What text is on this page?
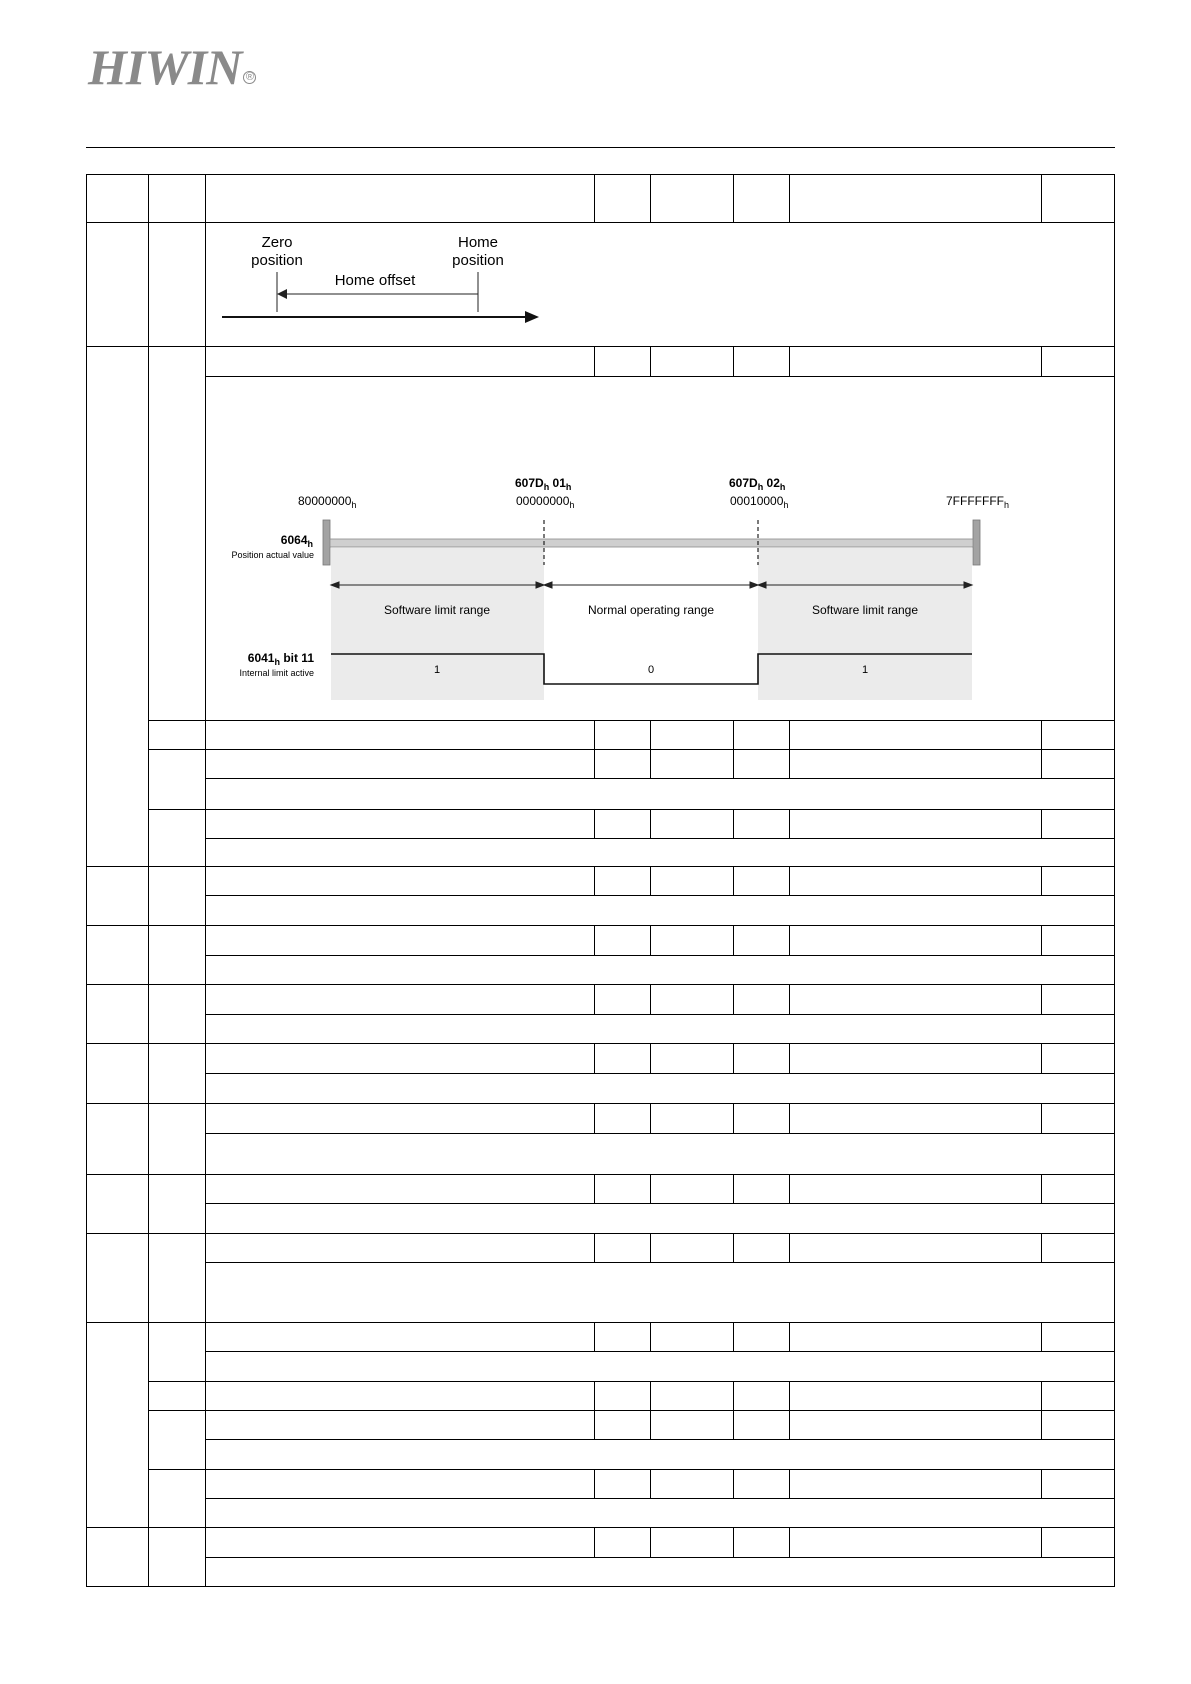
HIWIN ®
Zero
position
Home
position
Home offset
$80000000_h$
$607D_h$ $01_h$
$00000000_h$
$607D_h$ $02_h$
$00010000_h$	$7FFFFFFF_h$
$6064_h$
Position actual value
Software limit range	Normal operating range	Software limit range
$6041_h$ bit 11
Internal limit active	1	0	1
